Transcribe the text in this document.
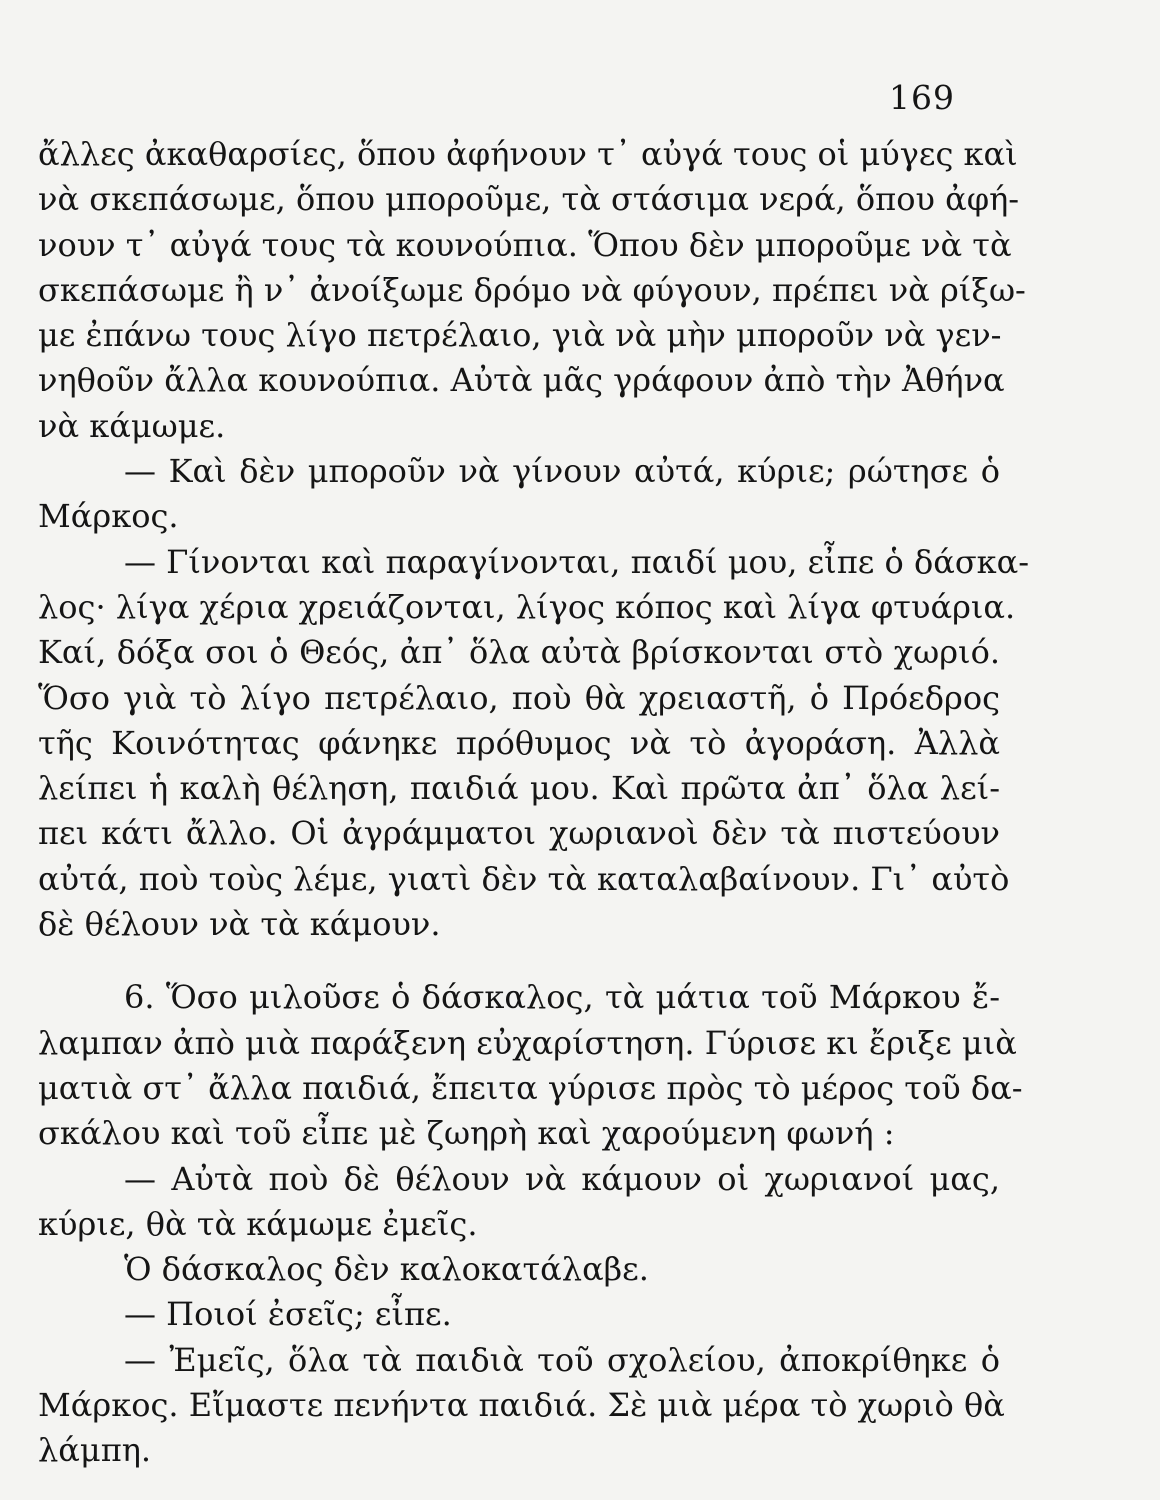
169
ἄλλες ἀκαθαρσίες, ὅπου ἀφήνουν τ᾽ αὐγά τους οἱ μύγες καὶ
νὰ σκεπάσωμε, ὅπου μποροῦμε, τὰ στάσιμα νερά, ὅπου ἀφή-
νουν τ᾽ αὐγά τους τὰ κουνούπια. Ὅπου δὲν μποροῦμε νὰ τὰ
σκεπάσωμε ἢ ν᾽ ἀνοίξωμε δρόμο νὰ φύγουν, πρέπει νὰ ρίξω-
με ἐπάνω τους λίγο πετρέλαιο, γιὰ νὰ μὴν μποροῦν νὰ γεν-
νηθοῦν ἄλλα κουνούπια. Αὐτὰ μᾶς γράφουν ἀπὸ τὴν Ἀθήνα
νὰ κάμωμε.
— Καὶ δὲν μποροῦν νὰ γίνουν αὐτά, κύριε; ρώτησε ὁ
Μάρκος.
— Γίνονται καὶ παραγίνονται, παιδί μου, εἶπε ὁ δάσκα-
λος· λίγα χέρια χρειάζονται, λίγος κόπος καὶ λίγα φτυάρια.
Καί, δόξα σοι ὁ Θεός, ἀπ᾽ ὅλα αὐτὰ βρίσκονται στὸ χωριό.
Ὅσο γιὰ τὸ λίγο πετρέλαιο, ποὺ θὰ χρειαστῆ, ὁ Πρόεδρος
τῆς Κοινότητας φάνηκε πρόθυμος νὰ τὸ ἀγοράση. Ἀλλὰ
λείπει ἡ καλὴ θέληση, παιδιά μου. Καὶ πρῶτα ἀπ᾽ ὅλα λεί-
πει κάτι ἄλλο. Οἱ ἀγράμματοι χωριανοὶ δὲν τὰ πιστεύουν
αὐτά, ποὺ τοὺς λέμε, γιατὶ δὲν τὰ καταλαβαίνουν. Γι᾽ αὐτὸ
δὲ θέλουν νὰ τὰ κάμουν.
6. Ὅσο μιλοῦσε ὁ δάσκαλος, τὰ μάτια τοῦ Μάρκου ἔ-
λαμπαν ἀπὸ μιὰ παράξενη εὐχαρίστηση. Γύρισε κι ἔριξε μιὰ
ματιὰ στ᾽ ἄλλα παιδιά, ἔπειτα γύρισε πρὸς τὸ μέρος τοῦ δα-
σκάλου καὶ τοῦ εἶπε μὲ ζωηρὴ καὶ χαρούμενη φωνή :
— Αὐτὰ ποὺ δὲ θέλουν νὰ κάμουν οἱ χωριανοί μας,
κύριε, θὰ τὰ κάμωμε ἐμεῖς.
Ὁ δάσκαλος δὲν καλοκατάλαβε.
— Ποιοί ἐσεῖς; εἶπε.
— Ἐμεῖς, ὅλα τὰ παιδιὰ τοῦ σχολείου, ἀποκρίθηκε ὁ
Μάρκος. Εἴμαστε πενήντα παιδιά. Σὲ μιὰ μέρα τὸ χωριὸ θὰ
λάμπη.
